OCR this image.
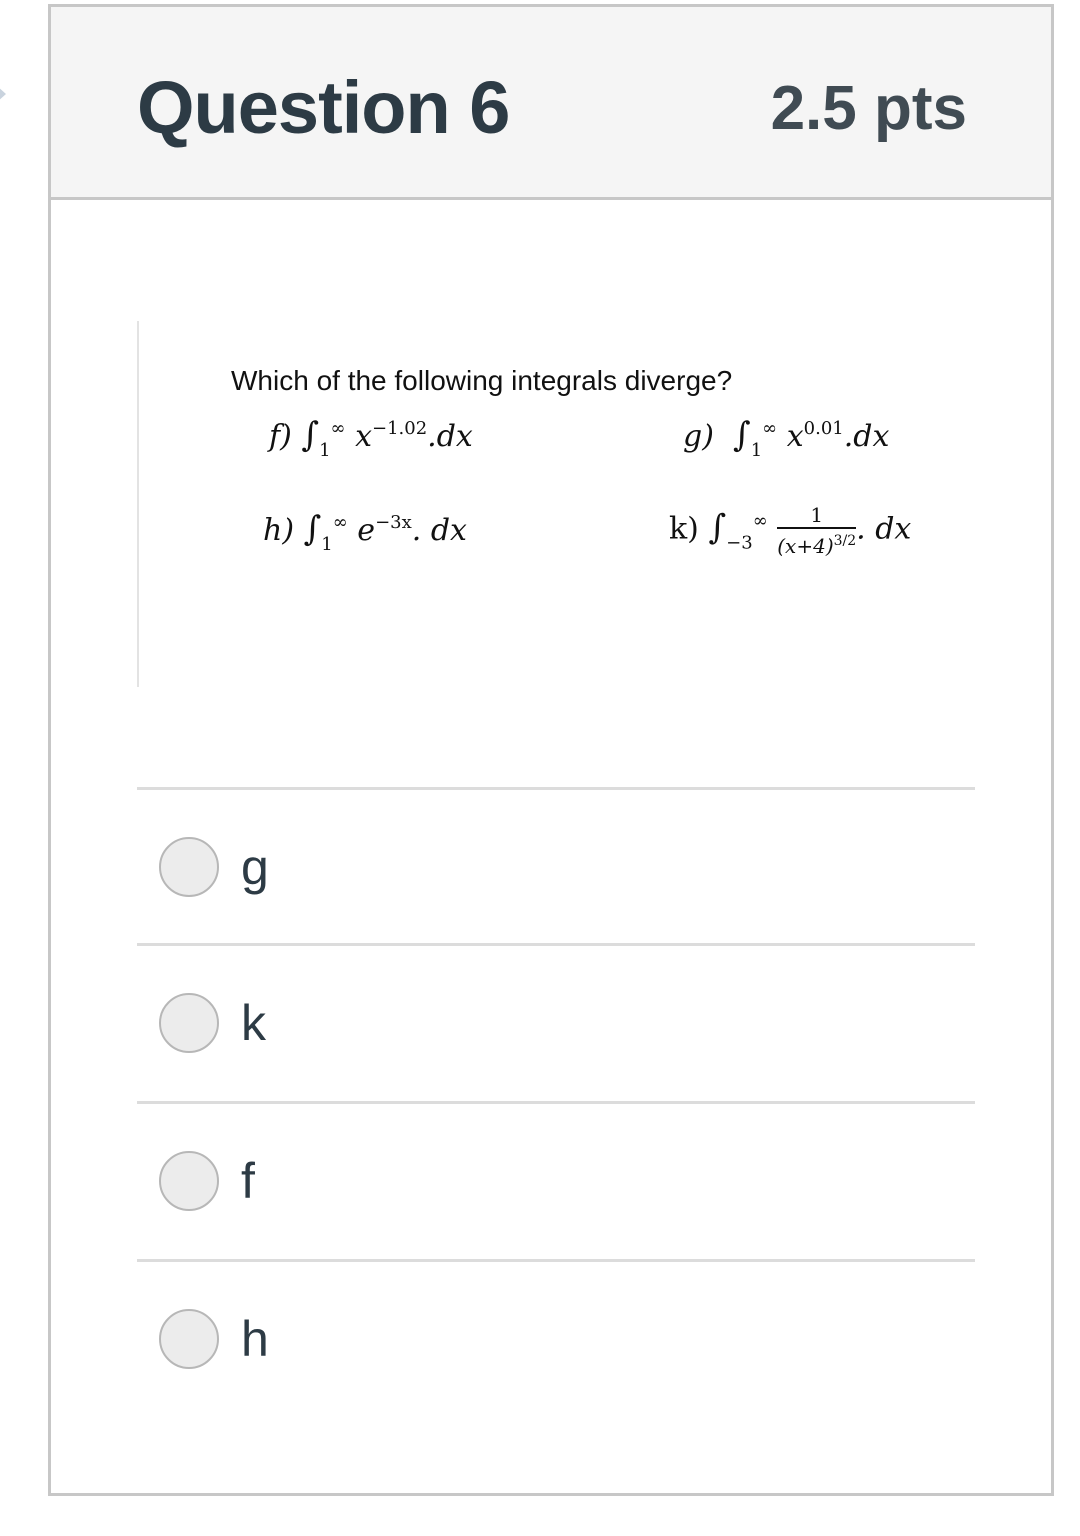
Question 6	2.5 pts
Which of the following integrals diverge?
f) $\int_1^\infty$ $x^{-1.02}.dx$	g) $\int_1^\infty$ $x^{0.01}.dx$
h) $\int_1^\infty$ $e^{-3x}$. dx	k) $\int_{-3}^\infty \frac{1}{(x+4)^{3/2}}$ . dx
g
k
f
h
